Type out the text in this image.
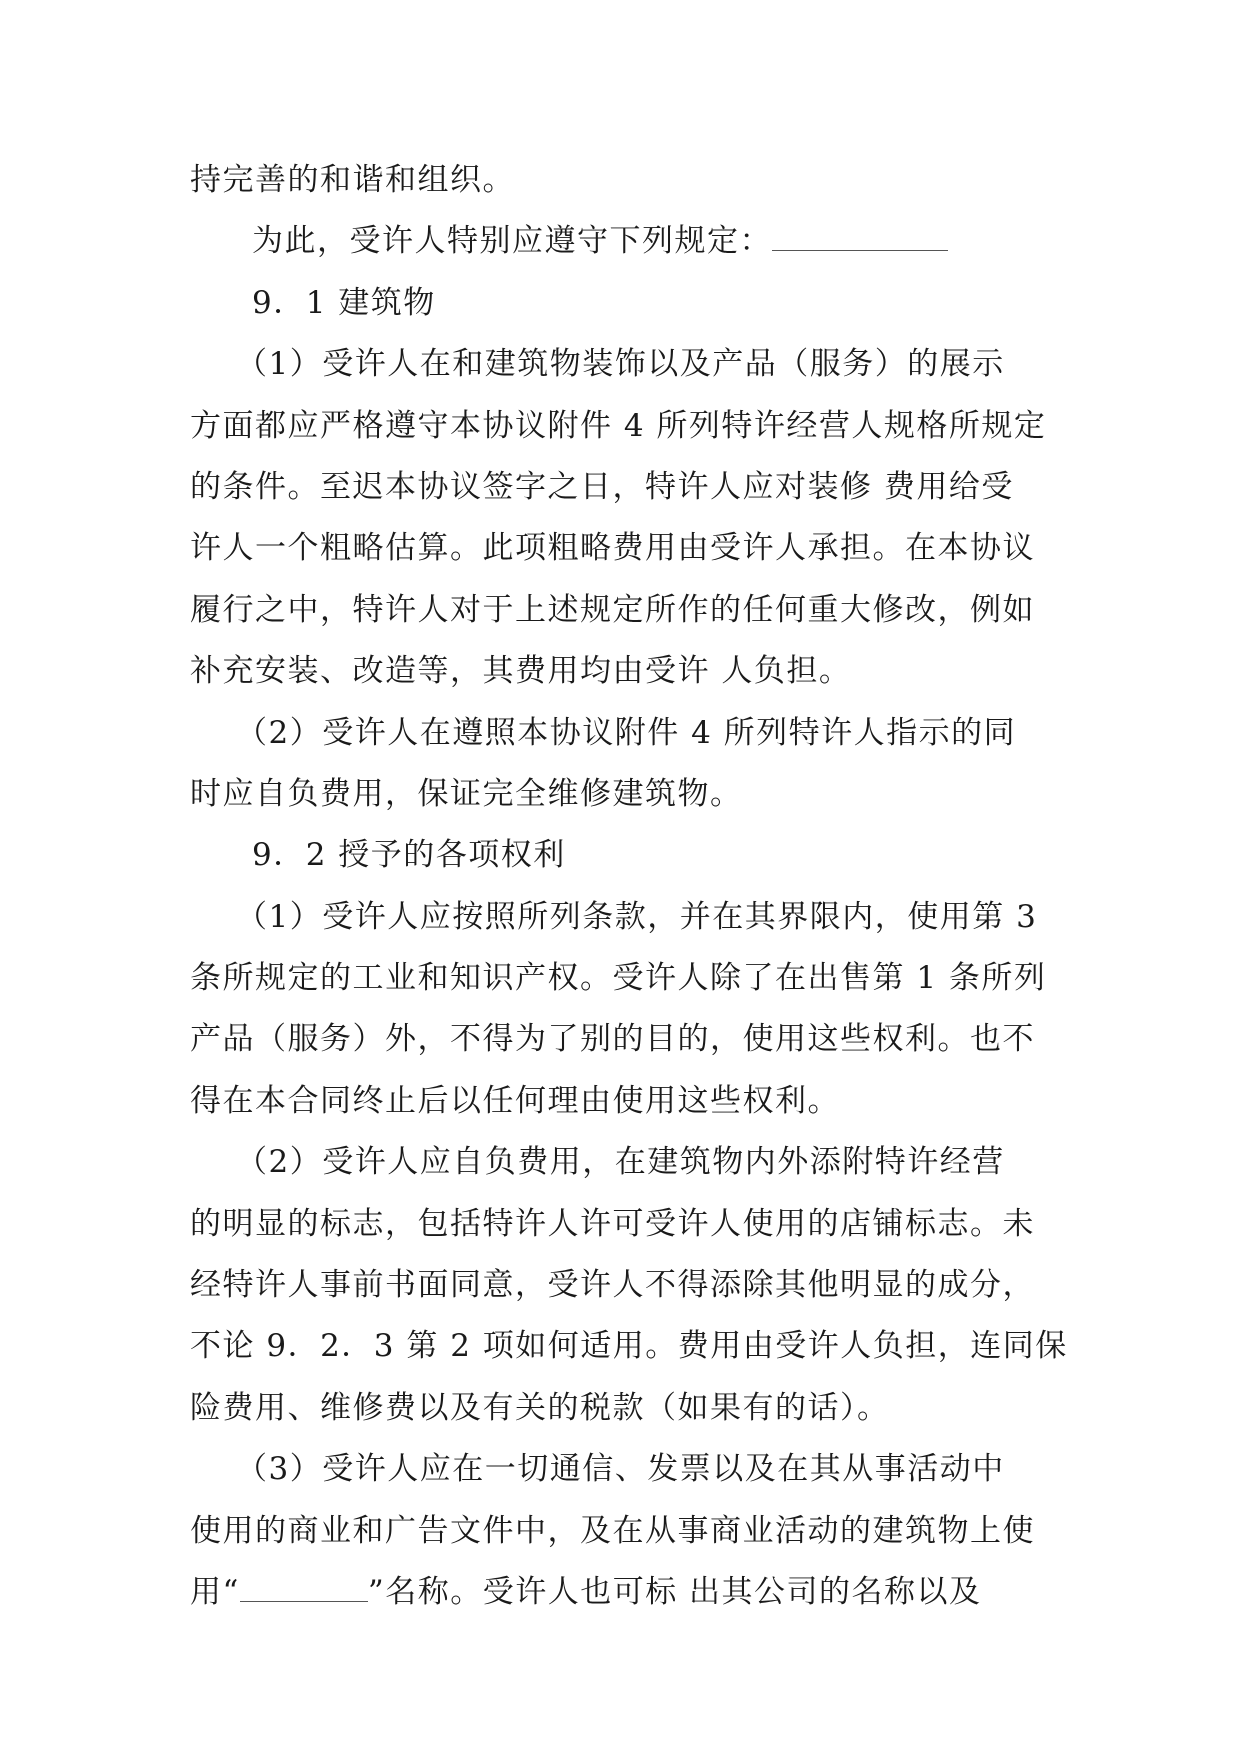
持完善的和谐和组织。
为此，受许人特别应遵守下列规定：
9．1 建筑物
（1）受许人在和建筑物装饰以及产品（服务）的展示
方面都应严格遵守本协议附件 4 所列特许经营人规格所规定
的条件。至迟本协议签字之日，特许人应对装修 费用给受
许人一个粗略估算。此项粗略费用由受许人承担。在本协议
履行之中，特许人对于上述规定所作的任何重大修改，例如
补充安装、改造等，其费用均由受许 人负担。
（2）受许人在遵照本协议附件 4 所列特许人指示的同
时应自负费用，保证完全维修建筑物。
9．2 授予的各项权利
（1）受许人应按照所列条款，并在其界限内，使用第 3
条所规定的工业和知识产权。受许人除了在出售第 1 条所列
产品（服务）外，不得为了别的目的，使用这些权利。也不
得在本合同终止后以任何理由使用这些权利。
（2）受许人应自负费用，在建筑物内外添附特许经营
的明显的标志，包括特许人许可受许人使用的店铺标志。未
经特许人事前书面同意，受许人不得添除其他明显的成分，
不论 9．2．3 第 2 项如何适用。费用由受许人负担，连同保
险费用、维修费以及有关的税款（如果有的话）。
（3）受许人应在一切通信、发票以及在其从事活动中
使用的商业和广告文件中，及在从事商业活动的建筑物上使
用“	”名称。受许人也可标 出其公司的名称以及
